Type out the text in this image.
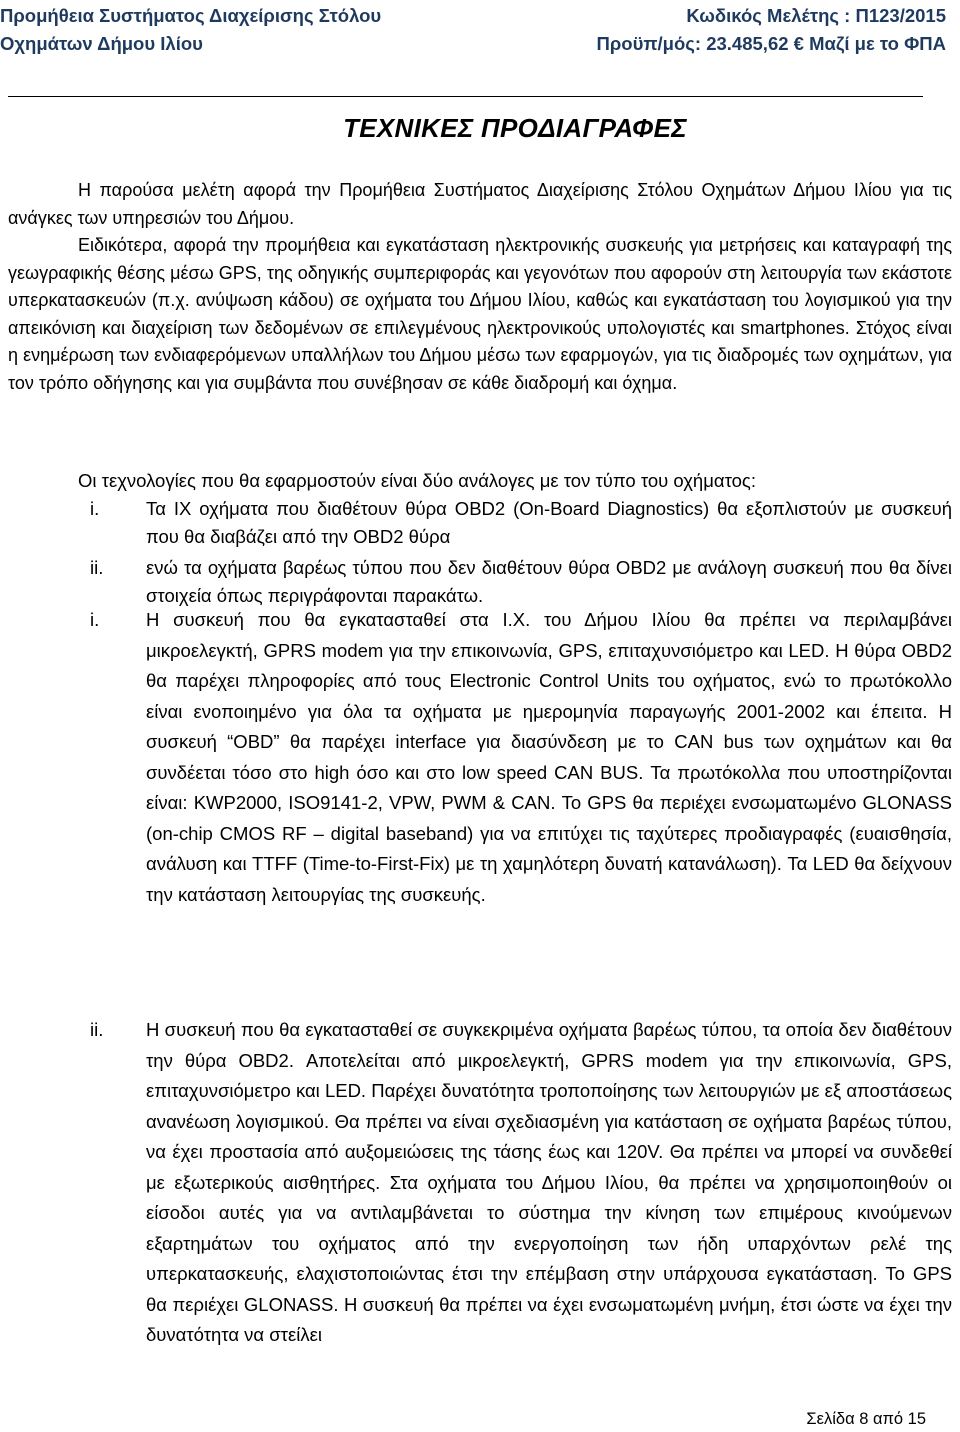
Προμήθεια Συστήματος Διαχείρισης Στόλου
Οχημάτων Δήμου Ιλίου
Κωδικός Μελέτης : Π123/2015
Προϋπ/μός: 23.485,62 € Μαζί με το ΦΠΑ
ΤΕΧΝΙΚΕΣ ΠΡΟΔΙΑΓΡΑΦΕΣ
Η παρούσα μελέτη αφορά την Προμήθεια Συστήματος Διαχείρισης Στόλου Οχημάτων Δήμου Ιλίου για τις ανάγκες των υπηρεσιών του Δήμου.
Ειδικότερα, αφορά την προμήθεια και εγκατάσταση ηλεκτρονικής συσκευής για μετρήσεις και καταγραφή της γεωγραφικής θέσης μέσω GPS, της οδηγικής συμπεριφοράς και γεγονότων που αφορούν στη λειτουργία των εκάστοτε υπερκατασκευών (π.χ. ανύψωση κάδου) σε οχήματα του Δήμου Ιλίου, καθώς και εγκατάσταση του λογισμικού για την απεικόνιση και διαχείριση των δεδομένων σε επιλεγμένους ηλεκτρονικούς υπολογιστές και smartphones. Στόχος είναι η ενημέρωση των ενδιαφερόμενων υπαλλήλων του Δήμου μέσω των εφαρμογών, για τις διαδρομές των οχημάτων, για τον τρόπο οδήγησης και για συμβάντα που συνέβησαν σε κάθε διαδρομή και όχημα.
Οι τεχνολογίες που θα εφαρμοστούν είναι δύο ανάλογες με τον τύπο του οχήματος:
i.	Τα ΙΧ οχήματα που διαθέτουν θύρα OBD2 (On-Board Diagnostics) θα εξοπλιστούν με συσκευή που θα διαβάζει από την OBD2 θύρα
ii. ενώ τα οχήματα βαρέως τύπου που δεν διαθέτουν θύρα OBD2 με ανάλογη συσκευή που θα δίνει στοιχεία όπως περιγράφονται παρακάτω.
i.	Η συσκευή που θα εγκατασταθεί στα Ι.Χ. του Δήμου Ιλίου θα πρέπει να περιλαμβάνει μικροελεγκτή, GPRS modem για την επικοινωνία, GPS, επιταχυνσιόμετρο και LED. Η θύρα OBD2 θα παρέχει πληροφορίες από τους Electronic Control Units του οχήματος, ενώ το πρωτόκολλο είναι ενοποιημένο για όλα τα οχήματα με ημερομηνία παραγωγής 2001-2002 και έπειτα. Η συσκευή “OBD” θα παρέχει interface για διασύνδεση με το CAN bus των οχημάτων και θα συνδέεται τόσο στο high όσο και στο low speed CAN BUS. Τα πρωτόκολλα που υποστηρίζονται είναι: KWP2000, ISO9141-2, VPW, PWM & CAN. Το GPS θα περιέχει ενσωματωμένο GLONASS (on-chip CMOS RF – digital baseband) για να επιτύχει τις ταχύτερες προδιαγραφές (ευαισθησία, ανάλυση και TTFF (Time-to-First-Fix) με τη χαμηλότερη δυνατή κατανάλωση). Τα LED θα δείχνουν την κατάσταση λειτουργίας της συσκευής.
ii. Η συσκευή που θα εγκατασταθεί σε συγκεκριμένα οχήματα βαρέως τύπου, τα οποία δεν διαθέτουν την θύρα OBD2. Αποτελείται από μικροελεγκτή, GPRS modem για την επικοινωνία, GPS, επιταχυνσιόμετρο και LED. Παρέχει δυνατότητα τροποποίησης των λειτουργιών με εξ αποστάσεως ανανέωση λογισμικού. Θα πρέπει να είναι σχεδιασμένη για κατάσταση σε οχήματα βαρέως τύπου, να έχει προστασία από αυξομειώσεις της τάσης έως και 120V. Θα πρέπει να μπορεί να συνδεθεί με εξωτερικούς αισθητήρες. Στα οχήματα του Δήμου Ιλίου, θα πρέπει να χρησιμοποιηθούν οι είσοδοι αυτές για να αντιλαμβάνεται το σύστημα την κίνηση των επιμέρους κινούμενων εξαρτημάτων του οχήματος από την ενεργοποίηση των ήδη υπαρχόντων ρελέ της υπερκατασκευής, ελαχιστοποιώντας έτσι την επέμβαση στην υπάρχουσα εγκατάσταση. Το GPS θα περιέχει GLONASS. Η συσκευή θα πρέπει να έχει ενσωματωμένη μνήμη, έτσι ώστε να έχει την δυνατότητα να στείλει
Σελίδα 8 από 15
